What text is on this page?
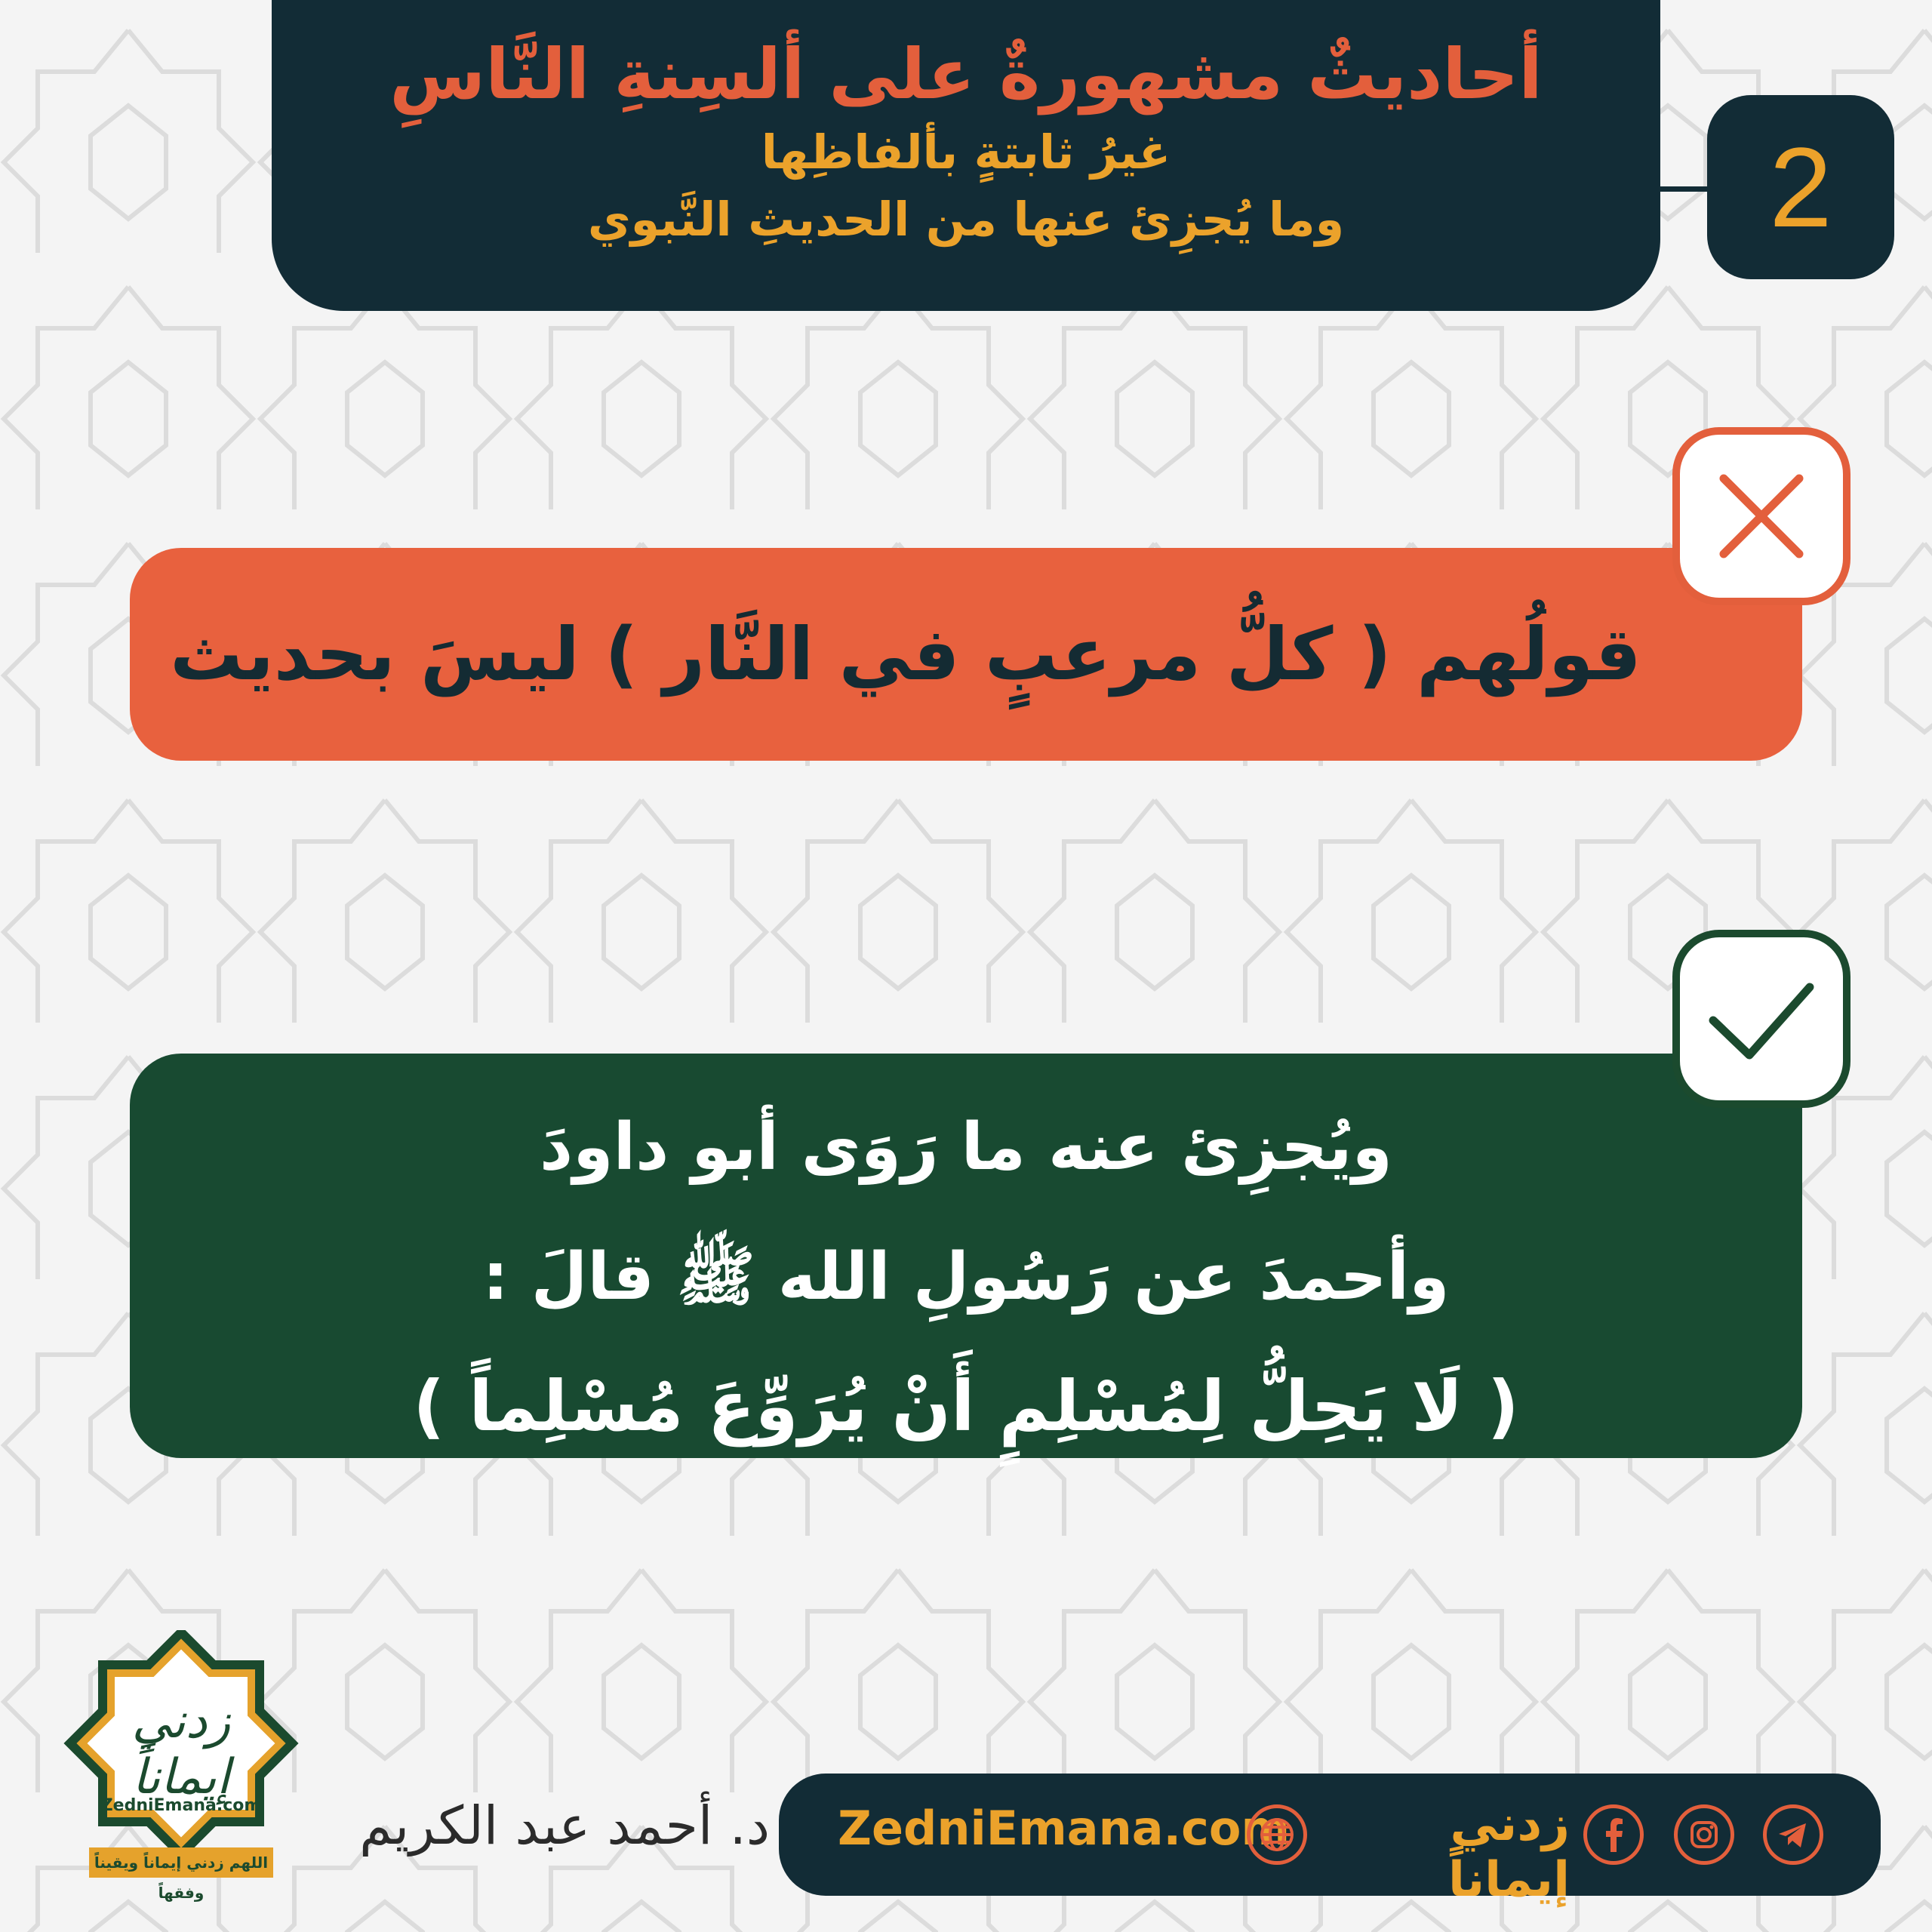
أحاديثٌ مشهورةٌ على ألسِنةِ النَّاسِ
غيرُ ثابتةٍ بألفاظِها
وما يُجزِئ عنها من الحديثِ النَّبوي	2
قولُهم ( كلُّ مرعبٍ في النَّار ) ليسَ بحديث
ويُجزِئ عنه ما رَوَى أبو داودَ
وأحمدَ عن رَسُولِ الله ﷺ قالَ :
( لَا يَحِلُّ لِمُسْلِمٍ أَنْ يُرَوِّعَ مُسْلِماً )
زدني إيماناً
ZedniEmana.com
اللهم زدني إيماناً ويقيناً وفقهاً
د. أحمد عبد الكريم ZedniEmana.com	زدني إيماناً
